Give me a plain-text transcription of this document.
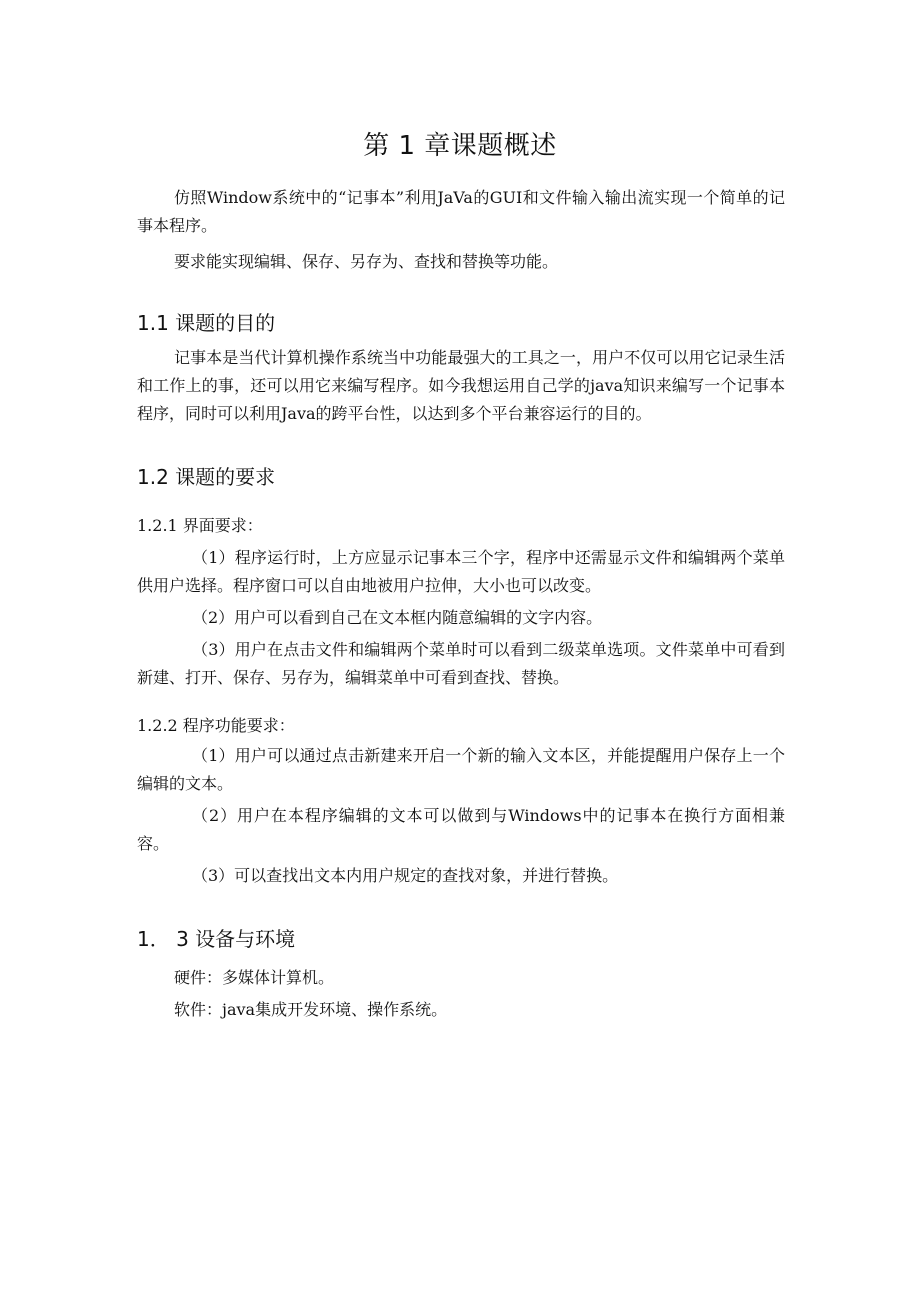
第 1 章课题概述

仿照Window系统中的“记事本”利用JaVa的GUI和文件输入输出流实现一个简单的记事本程序。

要求能实现编辑、保存、另存为、查找和替换等功能。

1.1 课题的目的

记事本是当代计算机操作系统当中功能最强大的工具之一，用户不仅可以用它记录生活和工作上的事，还可以用它来编写程序。如今我想运用自己学的java知识来编写一个记事本程序，同时可以利用Java的跨平台性，以达到多个平台兼容运行的目的。

1.2 课题的要求
1.2.1 界面要求：

（1）程序运行时，上方应显示记事本三个字，程序中还需显示文件和编辑两个菜单供用户选择。程序窗口可以自由地被用户拉伸，大小也可以改变。

（2）用户可以看到自己在文本框内随意编辑的文字内容。

（3）用户在点击文件和编辑两个菜单时可以看到二级菜单选项。文件菜单中可看到新建、打开、保存、另存为，编辑菜单中可看到查找、替换。

1.2.2 程序功能要求：

（1）用户可以通过点击新建来开启一个新的输入文本区，并能提醒用户保存上一个编辑的文本。

（2）用户在本程序编辑的文本可以做到与Windows中的记事本在换行方面相兼容。

（3）可以查找出文本内用户规定的查找对象，并进行替换。

1． 3 设备与环境

硬件：多媒体计算机。

软件：java集成开发环境、操作系统。
